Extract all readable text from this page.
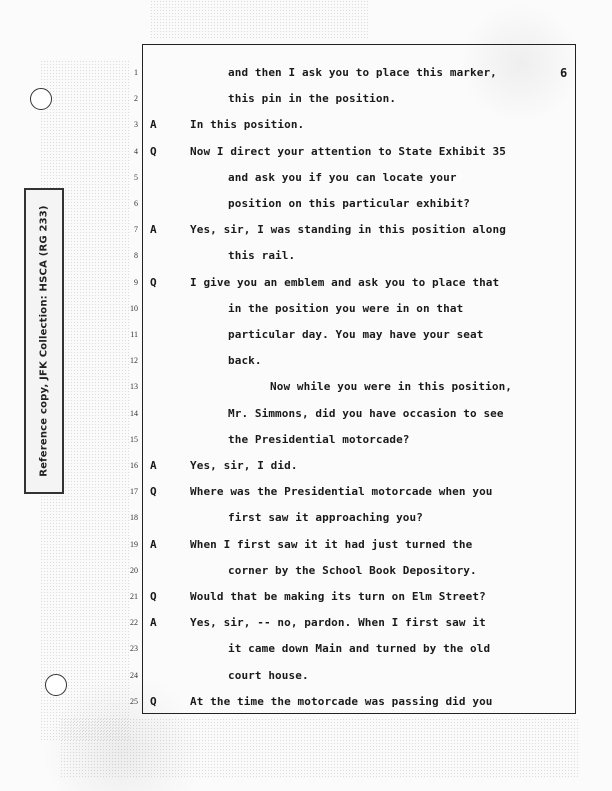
Reference copy, JFK Collection: HSCA (RG 233)
6
1	and then I ask you to place this marker,
2	this pin in the position.
3 A	In this position.
4 Q	Now I direct your attention to State Exhibit 35
5	and ask you if you can locate your
6	position on this particular exhibit?
7 A	Yes, sir, I was standing in this position along
8	this rail.
9 Q	I give you an emblem and ask you to place that
10	in the position you were in on that
11	particular day. You may have your seat
12	back.
13	Now while you were in this position,
14	Mr. Simmons, did you have occasion to see
15	the Presidential motorcade?
16 A	Yes, sir, I did.
17 Q	Where was the Presidential motorcade when you
18	first saw it approaching you?
19 A	When I first saw it it had just turned the
20	corner by the School Book Depository.
21 Q	Would that be making its turn on Elm Street?
22 A	Yes, sir, -- no, pardon. When I first saw it
23	it came down Main and turned by the old
24	court house.
25 Q	At the time the motorcade was passing did you
